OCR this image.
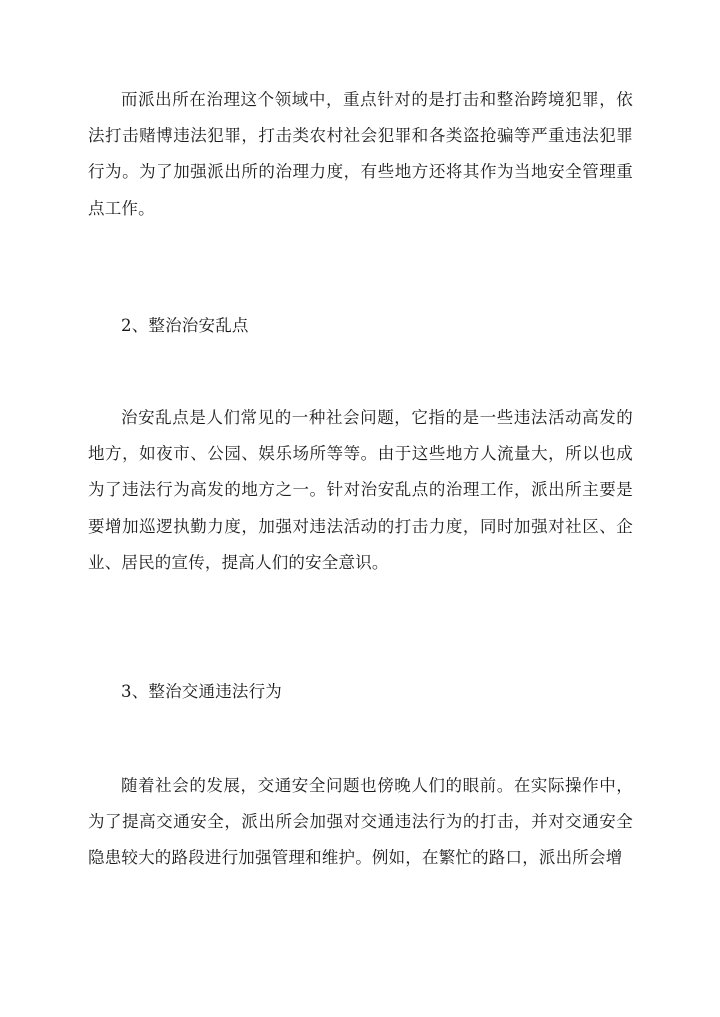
而派出所在治理这个领域中，重点针对的是打击和整治跨境犯罪，依法打击赌博违法犯罪，打击类农村社会犯罪和各类盗抢骗等严重违法犯罪行为。为了加强派出所的治理力度，有些地方还将其作为当地安全管理重点工作。

2、整治治安乱点

治安乱点是人们常见的一种社会问题，它指的是一些违法活动高发的地方，如夜市、公园、娱乐场所等等。由于这些地方人流量大，所以也成为了违法行为高发的地方之一。针对治安乱点的治理工作，派出所主要是要增加巡逻执勤力度，加强对违法活动的打击力度，同时加强对社区、企业、居民的宣传，提高人们的安全意识。

3、整治交通违法行为

随着社会的发展，交通安全问题也傍晚人们的眼前。在实际操作中，为了提高交通安全，派出所会加强对交通违法行为的打击，并对交通安全隐患较大的路段进行加强管理和维护。例如，在繁忙的路口，派出所会增
